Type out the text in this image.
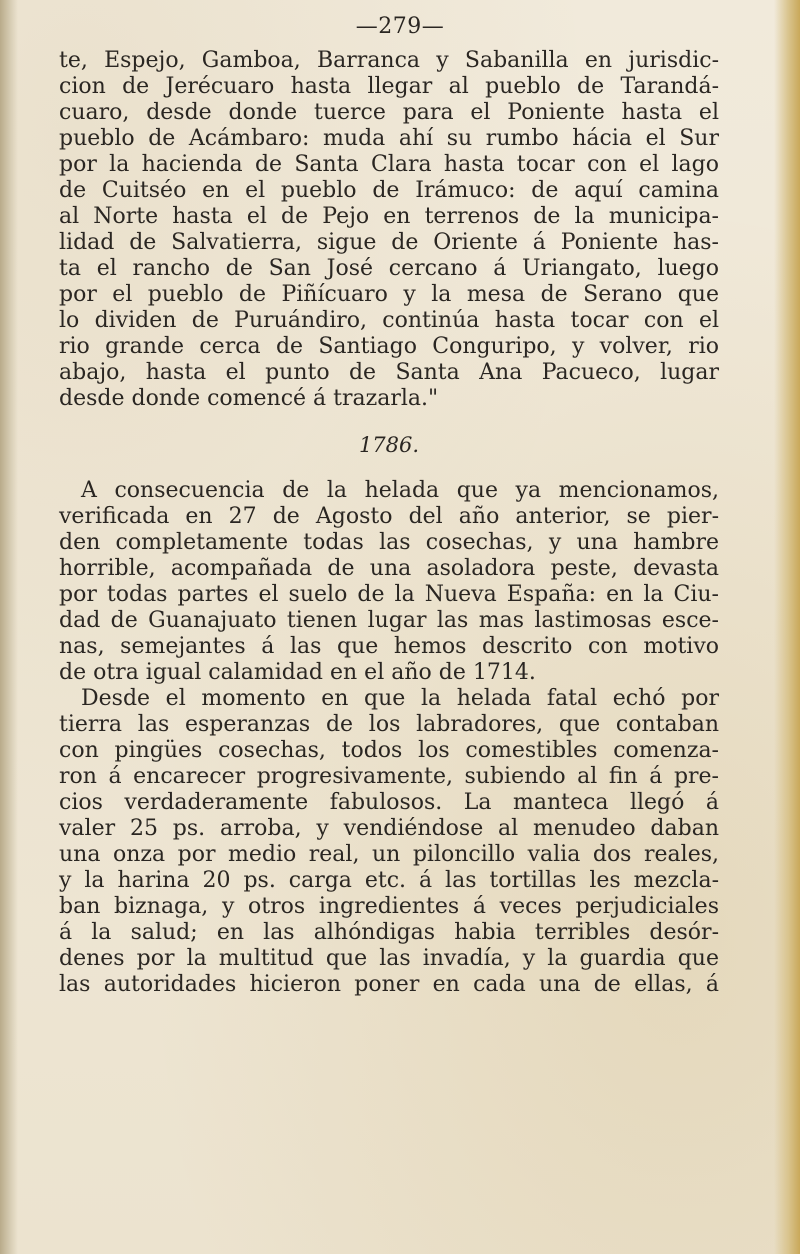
—279—
te, Espejo, Gamboa, Barranca y Sabanilla en jurisdic-
cion de Jerécuaro hasta llegar al pueblo de Tarandá-
cuaro, desde donde tuerce para el Poniente hasta el
pueblo de Acámbaro: muda ahí su rumbo hácia el Sur
por la hacienda de Santa Clara hasta tocar con el lago
de Cuitséo en el pueblo de Irámuco: de aquí camina
al Norte hasta el de Pejo en terrenos de la municipa-
lidad de Salvatierra, sigue de Oriente á Poniente has-
ta el rancho de San José cercano á Uriangato, luego
por el pueblo de Piñícuaro y la mesa de Serano que
lo dividen de Puruándiro, continúa hasta tocar con el
rio grande cerca de Santiago Conguripo, y volver, rio
abajo, hasta el punto de Santa Ana Pacueco, lugar
desde donde comencé á trazarla."
1786.
A consecuencia de la helada que ya mencionamos,
verificada en 27 de Agosto del año anterior, se pier-
den completamente todas las cosechas, y una hambre
horrible, acompañada de una asoladora peste, devasta
por todas partes el suelo de la Nueva España: en la Ciu-
dad de Guanajuato tienen lugar las mas lastimosas esce-
nas, semejantes á las que hemos descrito con motivo
de otra igual calamidad en el año de 1714.
Desde el momento en que la helada fatal echó por
tierra las esperanzas de los labradores, que contaban
con pingües cosechas, todos los comestibles comenza-
ron á encarecer progresivamente, subiendo al fin á pre-
cios verdaderamente fabulosos. La manteca llegó á
valer 25 ps. arroba, y vendiéndose al menudeo daban
una onza por medio real, un piloncillo valia dos reales,
y la harina 20 ps. carga etc. á las tortillas les mezcla-
ban biznaga, y otros ingredientes á veces perjudiciales
á la salud; en las alhóndigas habia terribles desór-
denes por la multitud que las invadía, y la guardia que
las autoridades hicieron poner en cada una de ellas, á
